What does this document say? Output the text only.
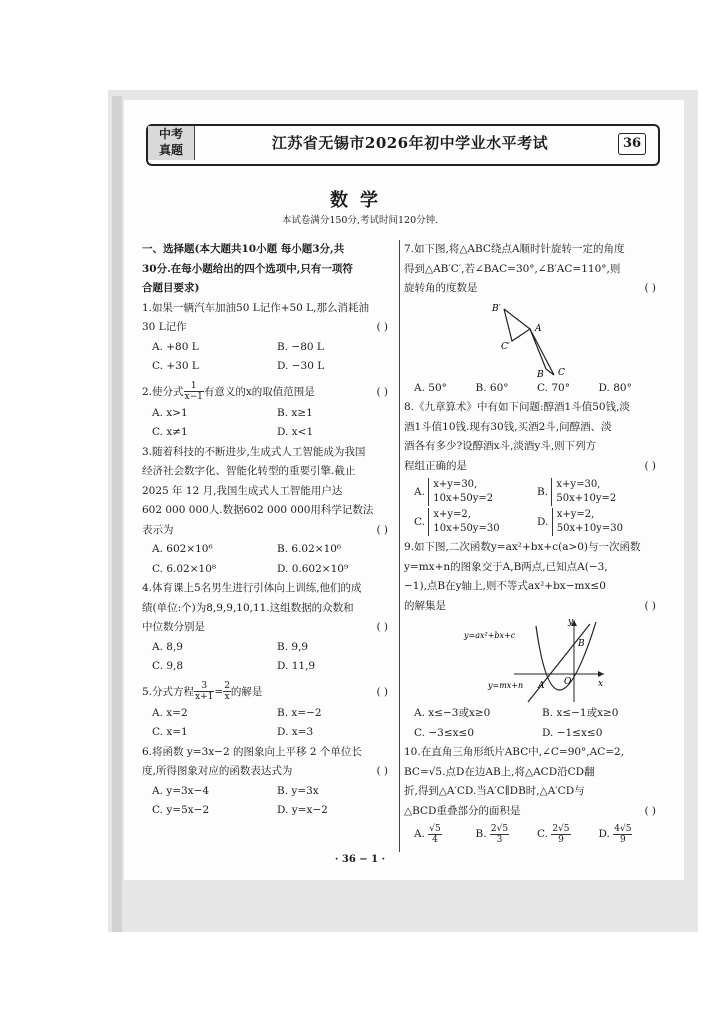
中考
真题	江苏省无锡市2026年初中学业水平考试	36
数学
本试卷满分150分,考试时间120分钟.
一、选择题(本大题共10小题 每小题3分,共
30分.在每小题给出的四个选项中,只有一项符
合题目要求)
1.如果一辆汽车加油50 L记作+50 L,那么消耗油
30 L记作	( )
A. +80 L	B. −80 L
C. +30 L	D. −30 L
2.使分式 $\frac{1}{x-1}$ 有意义的x的取值范围是	( )
A. x>1	B. x≥1
C. x≠1	D. x<1
3.随着科技的不断进步,生成式人工智能成为我国
经济社会数字化、智能化转型的重要引擎.截止
2025 年 12 月,我国生成式人工智能用户达
602 000 000人.数据602 000 000用科学记数法
表示为	( )
A. 602×10⁶	B. 6.02×10⁶
C. 6.02×10⁸	D. 0.602×10⁹
4.体育课上5名男生进行引体向上训练,他们的成
绩(单位:个)为8,9,9,10,11.这组数据的众数和
中位数分别是	( )
A. 8,9	B. 9,9
C. 9,8	D. 11,9
5.分式方程 $\frac{3}{x+1} = \frac{2}{x}$ 的解是	( )
A. x=2	B. x=−2
C. x=1	D. x=3
6.将函数 y=3x−2 的图象向上平移 2 个单位长
度,所得图象对应的函数表达式为	( )
A. y=3x−4	B. y=3x
C. y=5x−2	D. y=x−2
7.如下图,将△ABC绕点A顺时针旋转一定的角度
得到△AB′C′,若∠BAC=30°,∠B′AC=110°,则
旋转角的度数是	( )
B′
C′
A
B C
A. 50°	B. 60°	C. 70°	D. 80°
8.《九章算术》中有如下问题:醇酒1斗值50钱,淡
酒1斗值10钱.现有30钱,买酒2斗,问醇酒、淡
酒各有多少?设醇酒x斗,淡酒y斗,则下列方
程组正确的是	( )
A. x+y=30,
10x+50y=2
B. x+y=30,
50x+10y=2
C. x+y=2,
10x+50y=30
D. x+y=2,
50x+10y=30
9.如下图,二次函数y=ax²+bx+c(a>0)与一次函数
y=mx+n的图象交于A,B两点,已知点A(−3,
−1),点B在y轴上,则不等式ax²+bx−mx≤0
的解集是	( )
y=ax²+bx+c
y=mx+n
y
x
O
A
B
A. x≤−3或x≥0	B. x≤−1或x≥0
C. −3≤x≤0	D. −1≤x≤0
10.在直角三角形纸片ABC中,∠C=90°,AC=2,
BC=√5.点D在边AB上,将△ACD沿CD翻
折,得到△A′CD.当A′C∥DB时,△A′CD与
△BCD重叠部分的面积是	( )
A. $\frac{√5}{4}$	B. $\frac{2√5}{3}$	C. $\frac{2√5}{9}$	D. $\frac{4√5}{9}$
· 36 − 1 ·
